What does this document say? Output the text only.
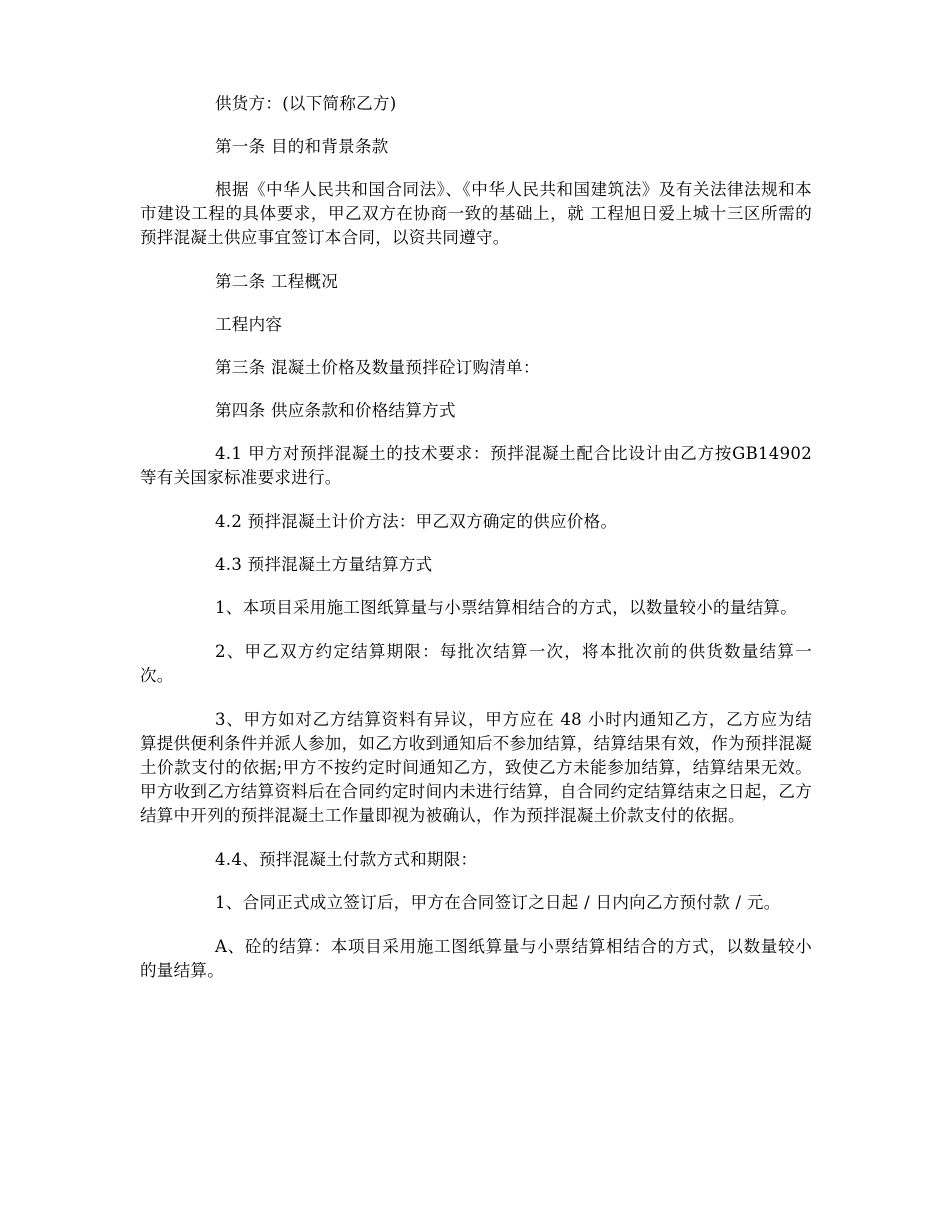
供货方：(以下简称乙方)

第一条 目的和背景条款

根据《中华人民共和国合同法》、《中华人民共和国建筑法》及有关法律法规和本市建设工程的具体要求，甲乙双方在协商一致的基础上，就 工程旭日爱上城十三区所需的预拌混凝土供应事宜签订本合同，以资共同遵守。

第二条 工程概况

工程内容

第三条 混凝土价格及数量预拌砼订购清单：

第四条 供应条款和价格结算方式

4.1 甲方对预拌混凝土的技术要求：预拌混凝土配合比设计由乙方按GB14902 等有关国家标准要求进行。

4.2 预拌混凝土计价方法：甲乙双方确定的供应价格。

4.3 预拌混凝土方量结算方式

1、本项目采用施工图纸算量与小票结算相结合的方式，以数量较小的量结算。

2、甲乙双方约定结算期限：每批次结算一次，将本批次前的供货数量结算一次。

3、甲方如对乙方结算资料有异议，甲方应在 48 小时内通知乙方，乙方应为结算提供便利条件并派人参加，如乙方收到通知后不参加结算，结算结果有效，作为预拌混凝土价款支付的依据;甲方不按约定时间通知乙方，致使乙方未能参加结算，结算结果无效。甲方收到乙方结算资料后在合同约定时间内未进行结算，自合同约定结算结束之日起，乙方结算中开列的预拌混凝土工作量即视为被确认，作为预拌混凝土价款支付的依据。

4.4、预拌混凝土付款方式和期限：

1、合同正式成立签订后，甲方在合同签订之日起 / 日内向乙方预付款 / 元。

A、砼的结算：本项目采用施工图纸算量与小票结算相结合的方式，以数量较小的量结算。
